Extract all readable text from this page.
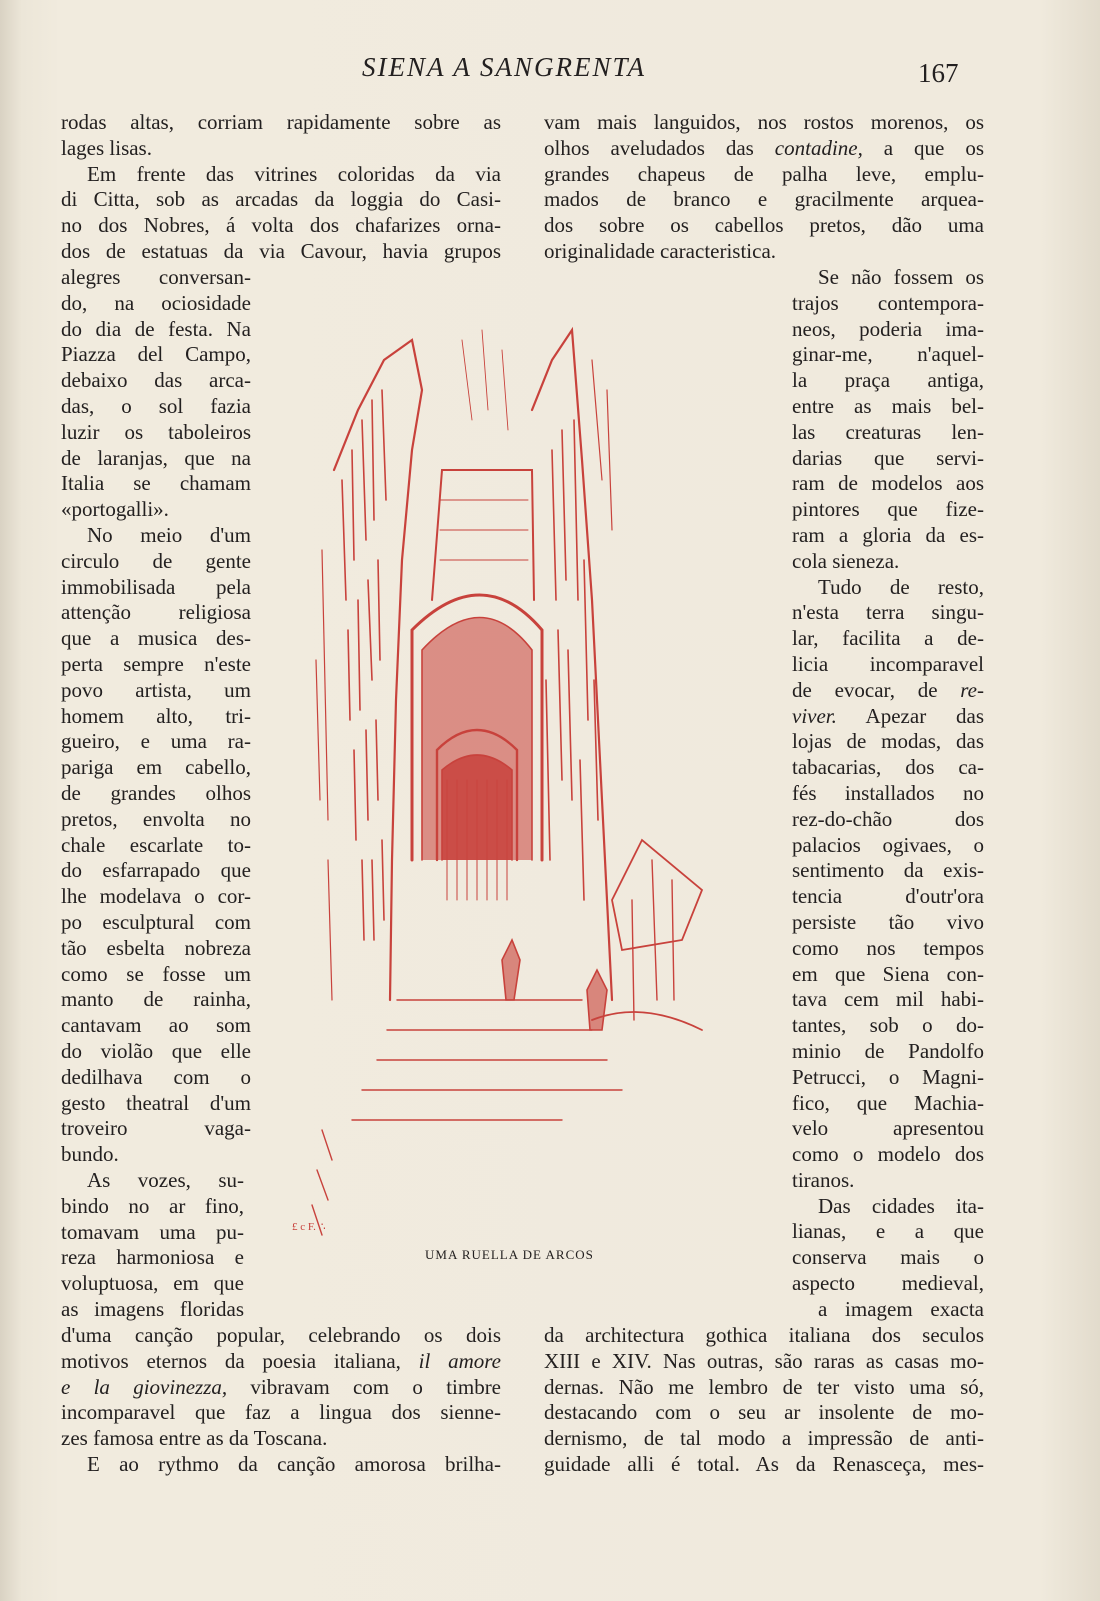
SIENA A SANGRENTA	167

rodas altas, corriam rapidamente sobre as

lages lisas.

Em frente das vitrines coloridas da via

di Citta, sob as arcadas da loggia do Casi-

no dos Nobres, á volta dos chafarizes orna-

dos de estatuas da via Cavour, havia grupos

alegres conversan-

do, na ociosidade

do dia de festa. Na

Piazza del Campo,

debaixo das arca-

das, o sol fazia

luzir os taboleiros

de laranjas, que na

Italia se chamam

«portogalli».

No meio d'um

circulo de gente

immobilisada pela

attenção religiosa

que a musica des-

perta sempre n'este

povo artista, um

homem alto, tri-

gueiro, e uma ra-

pariga em cabello,

de grandes olhos

pretos, envolta no

chale escarlate to-

do esfarrapado que

lhe modelava o cor-

po esculptural com

tão esbelta nobreza

como se fosse um

manto de rainha,

cantavam ao som

do violão que elle

dedilhava com o

gesto theatral d'um

troveiro vaga-

bundo.

As vozes, su-

bindo no ar fino,

tomavam uma pu-

reza harmoniosa e

voluptuosa, em que

as imagens floridas

vam mais languidos, nos rostos morenos, os

olhos aveludados das contadine, a que os

grandes chapeus de palha leve, emplu-

mados de branco e gracilmente arquea-

dos sobre os cabellos pretos, dão uma

originalidade caracteristica.

Se não fossem os

trajos contempora-

neos, poderia ima-

ginar-me, n'aquel-

la praça antiga,

entre as mais bel-

las creaturas len-

darias que servi-

ram de modelos aos

pintores que fize-

ram a gloria da es-

cola sieneza.

Tudo de resto,

n'esta terra singu-

lar, facilita a de-

licia incomparavel

de evocar, de re-

viver. Apezar das

lojas de modas, das

tabacarias, dos ca-

fés installados no

rez-do-chão dos

palacios ogivaes, o

sentimento da exis-

tencia d'outr'ora

persiste tão vivo

como nos tempos

em que Siena con-

tava cem mil habi-

tantes, sob o do-

minio de Pandolfo

Petrucci, o Magni-

fico, que Machia-

velo apresentou

como o modelo dos

tiranos.

Das cidades ita-

lianas, e a que

conserva mais o

aspecto medieval,

a imagem exacta

d'uma canção popular, celebrando os dois

motivos eternos da poesia italiana, il amore

e la giovinezza, vibravam com o timbre

incomparavel que faz a lingua dos sienne-

zes famosa entre as da Toscana.

E ao rythmo da canção amorosa brilha-

da architectura gothica italiana dos seculos

XIII e XIV. Nas outras, são raras as casas mo-

dernas. Não me lembro de ter visto uma só,

destacando com o seu ar insolente de mo-

dernismo, de tal modo a impressão de anti-

guidade alli é total. As da Renasceça, mes-

£ c F. ∴
UMA RUELLA DE ARCOS
